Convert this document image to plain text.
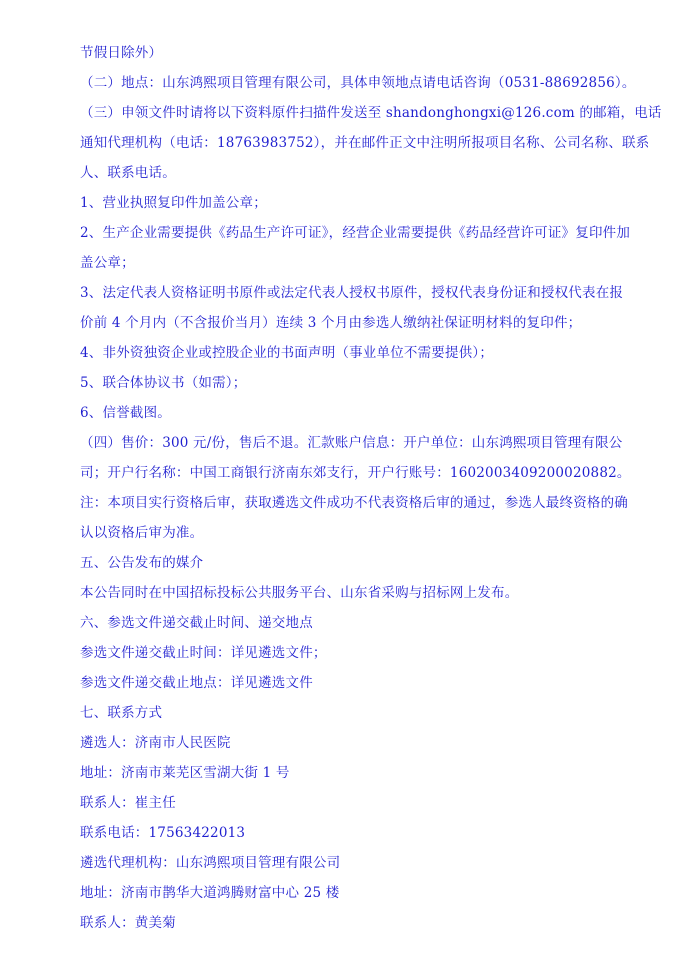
节假日除外）
（二）地点：山东鸿熙项目管理有限公司，具体申领地点请电话咨询（0531-88692856）。
（三）申领文件时请将以下资料原件扫描件发送至 shandonghongxi@126.com 的邮箱，电话
通知代理机构（电话：18763983752），并在邮件正文中注明所报项目名称、公司名称、联系
人、联系电话。
1、营业执照复印件加盖公章；
2、生产企业需要提供《药品生产许可证》，经营企业需要提供《药品经营许可证》复印件加
盖公章；
3、法定代表人资格证明书原件或法定代表人授权书原件，授权代表身份证和授权代表在报
价前 4 个月内（不含报价当月）连续 3 个月由参选人缴纳社保证明材料的复印件；
4、非外资独资企业或控股企业的书面声明（事业单位不需要提供）；
5、联合体协议书（如需）；
6、信誉截图。
（四）售价：300 元/份，售后不退。汇款账户信息：开户单位：山东鸿熙项目管理有限公
司；开户行名称：中国工商银行济南东郊支行，开户行账号：1602003409200020882。
注：本项目实行资格后审，获取遴选文件成功不代表资格后审的通过，参选人最终资格的确
认以资格后审为准。
五、公告发布的媒介
本公告同时在中国招标投标公共服务平台、山东省采购与招标网上发布。
六、参选文件递交截止时间、递交地点
参选文件递交截止时间：详见遴选文件；
参选文件递交截止地点：详见遴选文件
七、联系方式
遴选人：济南市人民医院
地址：济南市莱芜区雪湖大街 1 号
联系人：崔主任
联系电话：17563422013
遴选代理机构：山东鸿熙项目管理有限公司
地址：济南市鹊华大道鸿腾财富中心 25 楼
联系人：黄美菊
